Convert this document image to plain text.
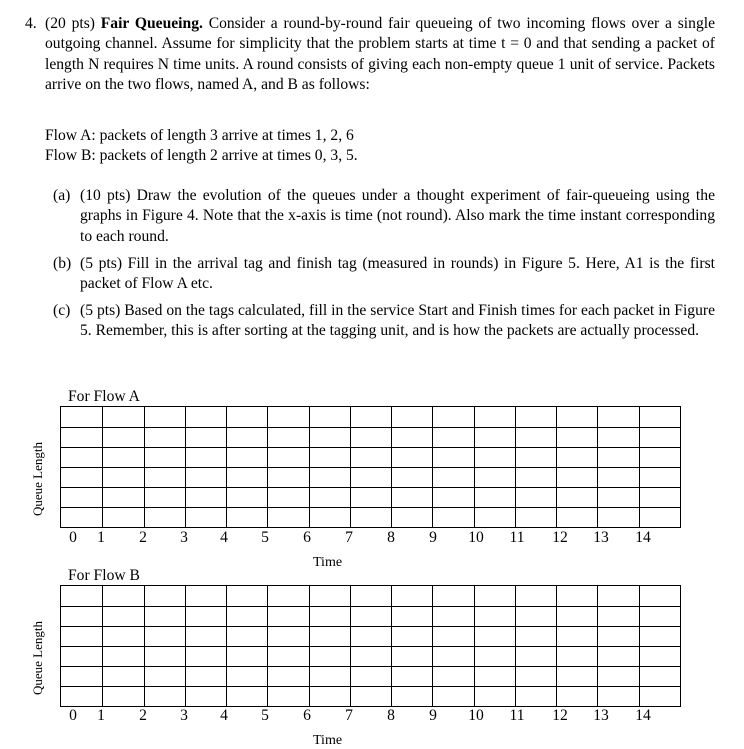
4. (20 pts) Fair Queueing. Consider a round-by-round fair queueing of two incoming flows over a single outgoing channel. Assume for simplicity that the problem starts at time t = 0 and that sending a packet of length N requires N time units. A round consists of giving each non-empty queue 1 unit of service. Packets arrive on the two flows, named A, and B as follows:
Flow A: packets of length 3 arrive at times 1, 2, 6
Flow B: packets of length 2 arrive at times 0, 3, 5.
(a) (10 pts) Draw the evolution of the queues under a thought experiment of fair-queueing using the graphs in Figure 4. Note that the x-axis is time (not round). Also mark the time instant corresponding to each round.
(b) (5 pts) Fill in the arrival tag and finish tag (measured in rounds) in Figure 5. Here, A1 is the first packet of Flow A etc.
(c) (5 pts) Based on the tags calculated, fill in the service Start and Finish times for each packet in Figure 5. Remember, this is after sorting at the tagging unit, and is how the packets are actually processed.
For Flow A
Queue Length
0 1 2 3 4 5 6 7 8 9 10 11 12 13 14
Time
For Flow B
Queue Length
0 1 2 3 4 5 6 7 8 9 10 11 12 13 14
Time
